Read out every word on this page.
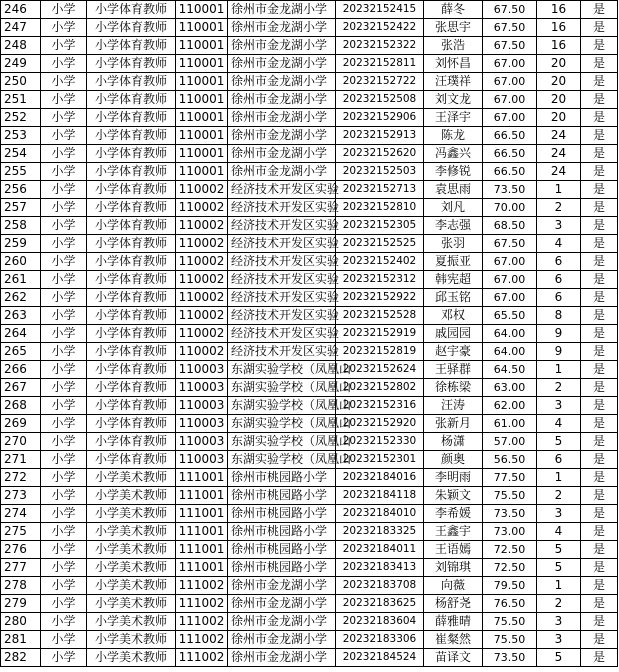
246	小学	小学体育教师	110001	徐州市金龙湖小学	20232152415	薛冬	67.50	16	是
247	小学	小学体育教师	110001	徐州市金龙湖小学	20232152422	张思宇	67.50	16	是
248	小学	小学体育教师	110001	徐州市金龙湖小学	20232152322	张浩	67.50	16	是
249	小学	小学体育教师	110001	徐州市金龙湖小学	20232152811	刘怀昌	67.00	20	是
250	小学	小学体育教师	110001	徐州市金龙湖小学	20232152722	汪璞祥	67.00	20	是
251	小学	小学体育教师	110001	徐州市金龙湖小学	20232152508	刘文龙	67.00	20	是
252	小学	小学体育教师	110001	徐州市金龙湖小学	20232152906	王泽宇	67.00	20	是
253	小学	小学体育教师	110001	徐州市金龙湖小学	20232152913	陈龙	66.50	24	是
254	小学	小学体育教师	110001	徐州市金龙湖小学	20232152620	冯鑫兴	66.50	24	是
255	小学	小学体育教师	110001	徐州市金龙湖小学	20232152503	李修锐	66.50	24	是
256	小学	小学体育教师	110002	经济技术开发区实验	20232152713	袁思雨	73.50	1	是
257	小学	小学体育教师	110002	经济技术开发区实验	20232152810	刘凡	70.00	2	是
258	小学	小学体育教师	110002	经济技术开发区实验	20232152305	李志强	68.50	3	是
259	小学	小学体育教师	110002	经济技术开发区实验	20232152525	张羽	67.50	4	是
260	小学	小学体育教师	110002	经济技术开发区实验	20232152402	夏振亚	67.00	6	是
261	小学	小学体育教师	110002	经济技术开发区实验	20232152312	韩宪超	67.00	6	是
262	小学	小学体育教师	110002	经济技术开发区实验	20232152922	邱玉铭	67.00	6	是
263	小学	小学体育教师	110002	经济技术开发区实验	20232152528	邓权	65.50	8	是
264	小学	小学体育教师	110002	经济技术开发区实验	20232152919	戚园园	64.00	9	是
265	小学	小学体育教师	110002	经济技术开发区实验	20232152819	赵宇豪	64.00	9	是
266	小学	小学体育教师	110003	东湖实验学校（凤凰山	20232152624	王驿群	64.50	1	是
267	小学	小学体育教师	110003	东湖实验学校（凤凰山	20232152802	徐栋梁	63.00	2	是
268	小学	小学体育教师	110003	东湖实验学校（凤凰山	20232152316	汪涛	62.00	3	是
269	小学	小学体育教师	110003	东湖实验学校（凤凰山	20232152920	张新月	61.00	4	是
270	小学	小学体育教师	110003	东湖实验学校（凤凰山	20232152330	杨潇	57.00	5	是
271	小学	小学体育教师	110003	东湖实验学校（凤凰山	20232152301	颜奥	56.50	6	是
272	小学	小学美术教师	111001	徐州市桃园路小学	20232184016	李明雨	77.50	1	是
273	小学	小学美术教师	111001	徐州市桃园路小学	20232184118	朱颖文	75.50	2	是
274	小学	小学美术教师	111001	徐州市桃园路小学	20232184010	李希媛	73.50	3	是
275	小学	小学美术教师	111001	徐州市桃园路小学	20232183325	王鑫宇	73.00	4	是
276	小学	小学美术教师	111001	徐州市桃园路小学	20232184011	王语嫣	72.50	5	是
277	小学	小学美术教师	111001	徐州市桃园路小学	20232183413	刘锦琪	72.50	5	是
278	小学	小学美术教师	111002	徐州市金龙湖小学	20232183708	向薇	79.50	1	是
279	小学	小学美术教师	111002	徐州市金龙湖小学	20232183625	杨舒尧	76.50	2	是
280	小学	小学美术教师	111002	徐州市金龙湖小学	20232183604	薛雅晴	75.50	3	是
281	小学	小学美术教师	111002	徐州市金龙湖小学	20232183306	崔粲然	75.50	3	是
282	小学	小学美术教师	111002	徐州市金龙湖小学	20232184524	苗译文	73.50	5	是
